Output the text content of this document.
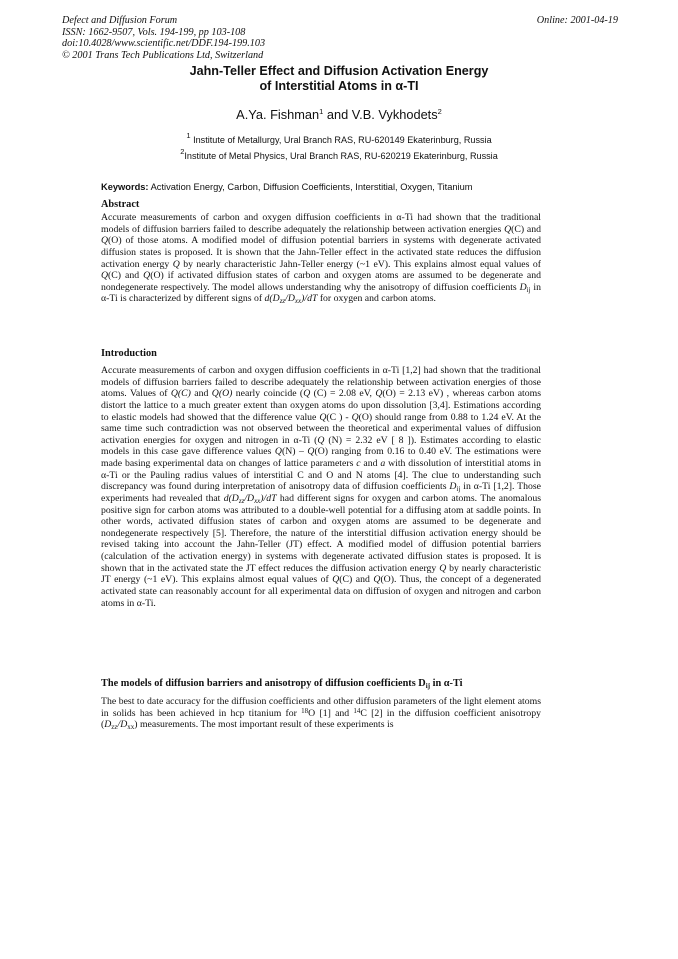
Defect and Diffusion Forum
ISSN: 1662-9507, Vols. 194-199, pp 103-108
doi:10.4028/www.scientific.net/DDF.194-199.103
© 2001 Trans Tech Publications Ltd, Switzerland
Online: 2001-04-19
Jahn-Teller Effect and Diffusion Activation Energy
of Interstitial Atoms in α-TI
A.Ya. Fishman$^1$ and V.B. Vykhodets$^2$
$^1$ Institute of Metallurgy, Ural Branch RAS, RU-620149 Ekaterinburg, Russia
$^2$Institute of Metal Physics, Ural Branch RAS, RU-620219 Ekaterinburg, Russia
Keywords: Activation Energy, Carbon, Diffusion Coefficients, Interstitial, Oxygen, Titanium
Abstract
Accurate measurements of carbon and oxygen diffusion coefficients in α-Ti had shown that the traditional models of diffusion barriers failed to describe adequately the relationship between activation energies Q(C) and Q(O) of those atoms. A modified model of diffusion potential barriers in systems with degenerate activated diffusion states is proposed. It is shown that the Jahn-Teller effect in the activated state reduces the diffusion activation energy Q by nearly characteristic Jahn-Teller energy (~1 eV). This explains almost equal values of Q(C) and Q(O) if activated diffusion states of carbon and oxygen atoms are assumed to be degenerate and nondegenerate respectively. The model allows understanding why the anisotropy of diffusion coefficients $D_{ij}$ in α-Ti is characterized by different signs of $d(D_{zz}/D_{xx})/dT$ for oxygen and carbon atoms.
Introduction
Accurate measurements of carbon and oxygen diffusion coefficients in α-Ti [1,2] had shown that the traditional models of diffusion barriers failed to describe adequately the relationship between activation energies of those atoms. Values of Q(C) and Q(O) nearly coincide (Q (C) = 2.08 eV, Q(O) = 2.13 eV) , whereas carbon atoms distort the lattice to a much greater extent than oxygen atoms do upon dissolution [3,4]. Estimations according to elastic models had showed that the difference value Q(C ) - Q(O) should range from 0.88 to 1.24 eV. At the same time such contradiction was not observed between the theoretical and experimental values of diffusion activation energies for oxygen and nitrogen in α-Ti (Q (N) = 2.32 eV [ 8 ]). Estimates according to elastic models in this case gave difference values Q(N) – Q(O) ranging from 0.16 to 0.40 eV. The estimations were made basing experimental data on changes of lattice parameters c and a with dissolution of interstitial atoms in α-Ti or the Pauling radius values of interstitial C and O and N atoms [4]. The clue to understanding such discrepancy was found during interpretation of anisotropy data of diffusion coefficients $D_{ij}$ in α-Ti [1,2]. Those experiments had revealed that $d(D_{zz}/D_{xx})/dT$ had different signs for oxygen and carbon atoms. The anomalous positive sign for carbon atoms was attributed to a double-well potential for a diffusing atom at saddle points. In other words, activated diffusion states of carbon and oxygen atoms are assumed to be degenerate and nondegenerate respectively [5]. Therefore, the nature of the interstitial diffusion activation energy should be revised taking into account the Jahn-Teller (JT) effect. A modified model of diffusion potential barriers (calculation of the activation energy) in systems with degenerate activated diffusion states is proposed. It is shown that in the activated state the JT effect reduces the diffusion activation energy Q by nearly characteristic JT energy (~1 eV). This explains almost equal values of Q(C) and Q(O). Thus, the concept of a degenerated activated state can reasonably account for all experimental data on diffusion of oxygen and nitrogen and carbon atoms in α-Ti.
The models of diffusion barriers and anisotropy of diffusion coefficients $D_{ij}$ in α-Ti
The best to date accuracy for the diffusion coefficients and other diffusion parameters of the light element atoms in solids has been achieved in hcp titanium for $^{18}$O [1] and $^{14}$C [2] in the diffusion coefficient anisotropy $(D_{zz}/D_{xx})$ measurements. The most important result of these experiments is
